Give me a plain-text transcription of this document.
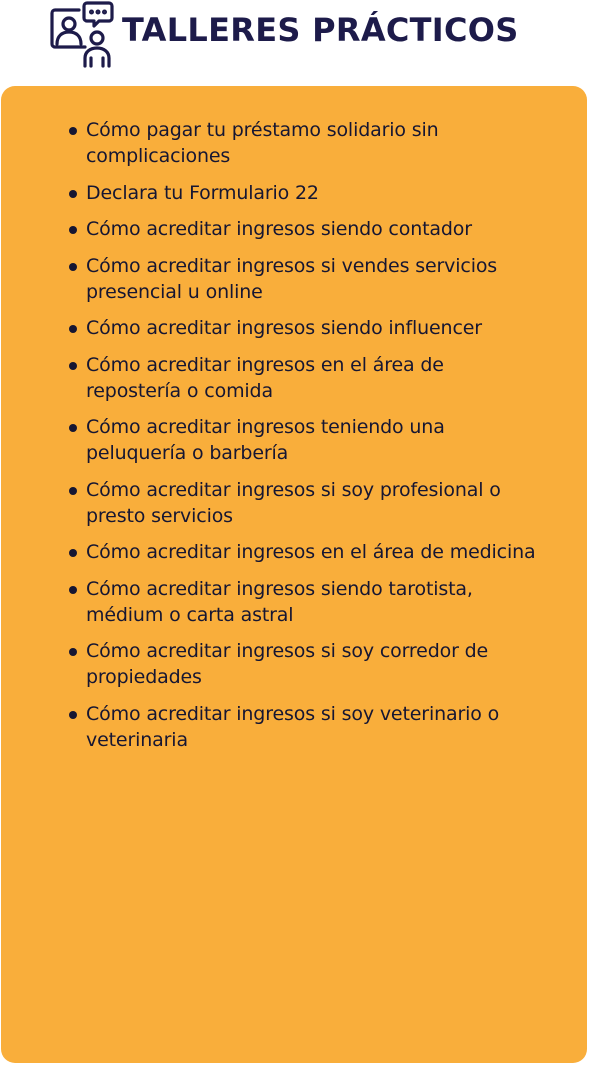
TALLERES PRÁCTICOS
Cómo pagar tu préstamo solidario sin complicaciones
Declara tu Formulario 22
Cómo acreditar ingresos siendo contador
Cómo acreditar ingresos si vendes servicios presencial u online
Cómo acreditar ingresos siendo influencer
Cómo acreditar ingresos en el área de repostería o comida
Cómo acreditar ingresos teniendo una peluquería o barbería
Cómo acreditar ingresos si soy profesional o presto servicios
Cómo acreditar ingresos en el área de medicina
Cómo acreditar ingresos siendo tarotista, médium o carta astral
Cómo acreditar ingresos si soy corredor de propiedades
Cómo acreditar ingresos si soy veterinario o veterinaria
